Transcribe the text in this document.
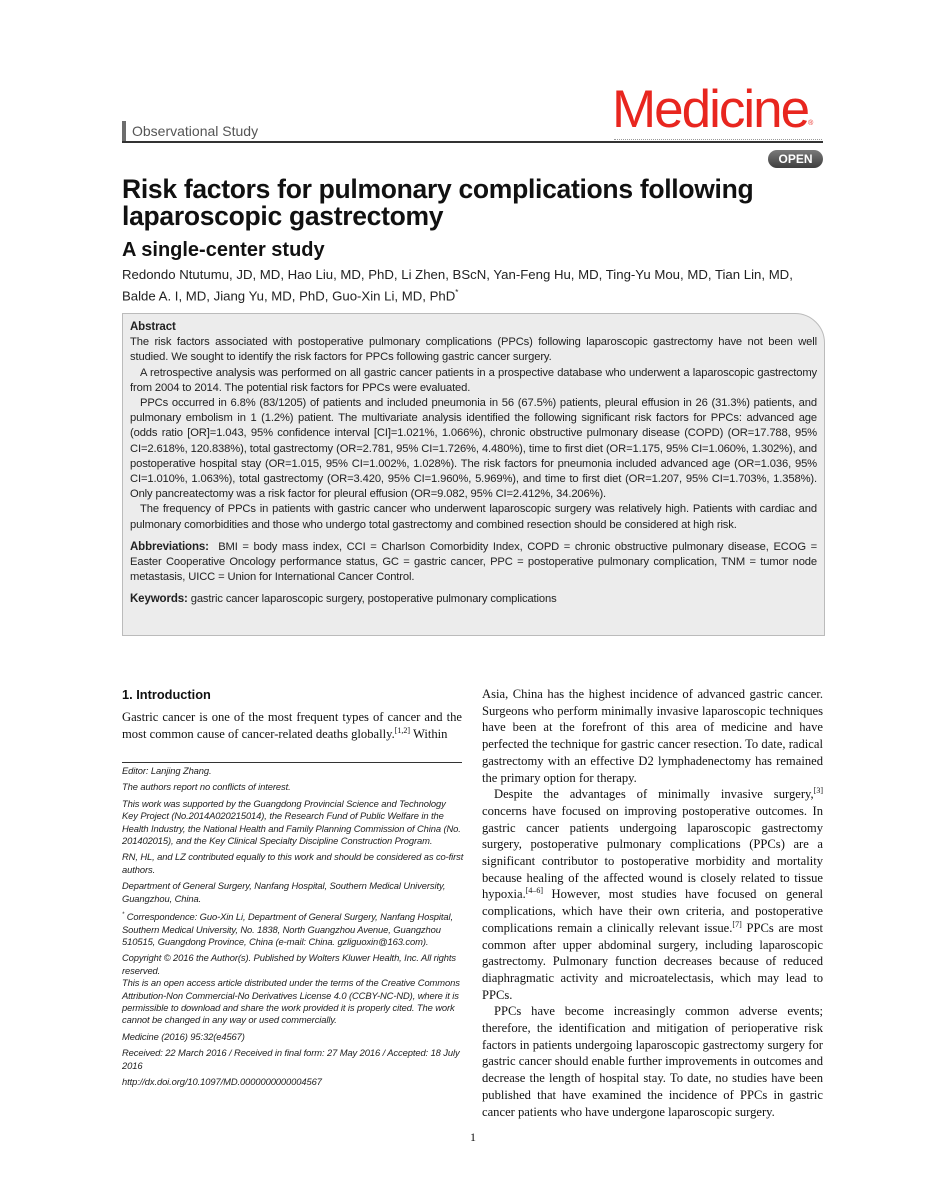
Observational Study	Medicine®
OPEN
Risk factors for pulmonary complications following laparoscopic gastrectomy
A single-center study
Redondo Ntutumu, JD, MD, Hao Liu, MD, PhD, Li Zhen, BScN, Yan-Feng Hu, MD, Ting-Yu Mou, MD, Tian Lin, MD, Balde A. I, MD, Jiang Yu, MD, PhD, Guo-Xin Li, MD, PhD*

Abstract

The risk factors associated with postoperative pulmonary complications (PPCs) following laparoscopic gastrectomy have not been well studied. We sought to identify the risk factors for PPCs following gastric cancer surgery.

A retrospective analysis was performed on all gastric cancer patients in a prospective database who underwent a laparoscopic gastrectomy from 2004 to 2014. The potential risk factors for PPCs were evaluated.

PPCs occurred in 6.8% (83/1205) of patients and included pneumonia in 56 (67.5%) patients, pleural effusion in 26 (31.3%) patients, and pulmonary embolism in 1 (1.2%) patient. The multivariate analysis identified the following significant risk factors for PPCs: advanced age (odds ratio [OR]=1.043, 95% confidence interval [CI]=1.021%, 1.066%), chronic obstructive pulmonary disease (COPD) (OR=17.788, 95% CI=2.618%, 120.838%), total gastrectomy (OR=2.781, 95% CI=1.726%, 4.480%), time to first diet (OR=1.175, 95% CI=1.060%, 1.302%), and postoperative hospital stay (OR=1.015, 95% CI=1.002%, 1.028%). The risk factors for pneumonia included advanced age (OR=1.036, 95% CI=1.010%, 1.063%), total gastrectomy (OR=3.420, 95% CI=1.960%, 5.969%), and time to first diet (OR=1.207, 95% CI=1.703%, 1.358%). Only pancreatectomy was a risk factor for pleural effusion (OR=9.082, 95% CI=2.412%, 34.206%).

The frequency of PPCs in patients with gastric cancer who underwent laparoscopic surgery was relatively high. Patients with cardiac and pulmonary comorbidities and those who undergo total gastrectomy and combined resection should be considered at high risk.

Abbreviations: BMI = body mass index, CCI = Charlson Comorbidity Index, COPD = chronic obstructive pulmonary disease, ECOG = Easter Cooperative Oncology performance status, GC = gastric cancer, PPC = postoperative pulmonary complication, TNM = tumor node metastasis, UICC = Union for International Cancer Control.

Keywords: gastric cancer laparoscopic surgery, postoperative pulmonary complications

1. Introduction

Gastric cancer is one of the most frequent types of cancer and the most common cause of cancer-related deaths globally.[1,2] Within

Editor: Lanjing Zhang.

The authors report no conflicts of interest.

This work was supported by the Guangdong Provincial Science and Technology Key Project (No.2014A020215014), the Research Fund of Public Welfare in the Health Industry, the National Health and Family Planning Commission of China (No. 201402015), and the Key Clinical Specialty Discipline Construction Program.

RN, HL, and LZ contributed equally to this work and should be considered as co-first authors.

Department of General Surgery, Nanfang Hospital, Southern Medical University, Guangzhou, China.

* Correspondence: Guo-Xin Li, Department of General Surgery, Nanfang Hospital, Southern Medical University, No. 1838, North Guangzhou Avenue, Guangzhou 510515, Guangdong Province, China (e-mail: China. gzliguoxin@163.com).

Copyright © 2016 the Author(s). Published by Wolters Kluwer Health, Inc. All rights reserved.

This is an open access article distributed under the terms of the Creative Commons Attribution-Non Commercial-No Derivatives License 4.0 (CCBY-NC-ND), where it is permissible to download and share the work provided it is properly cited. The work cannot be changed in any way or used commercially.

Medicine (2016) 95:32(e4567)

Received: 22 March 2016 / Received in final form: 27 May 2016 / Accepted: 18 July 2016

http://dx.doi.org/10.1097/MD.0000000000004567

Asia, China has the highest incidence of advanced gastric cancer. Surgeons who perform minimally invasive laparoscopic techniques have been at the forefront of this area of medicine and have perfected the technique for gastric cancer resection. To date, radical gastrectomy with an effective D2 lymphadenectomy has remained the primary option for therapy.

Despite the advantages of minimally invasive surgery,[3] concerns have focused on improving postoperative outcomes. In gastric cancer patients undergoing laparoscopic gastrectomy surgery, postoperative pulmonary complications (PPCs) are a significant contributor to postoperative morbidity and mortality because healing of the affected wound is closely related to tissue hypoxia.[4–6] However, most studies have focused on general complications, which have their own criteria, and postoperative complications remain a clinically relevant issue.[7] PPCs are most common after upper abdominal surgery, including laparoscopic gastrectomy. Pulmonary function decreases because of reduced diaphragmatic activity and microatelectasis, which may lead to PPCs.

PPCs have become increasingly common adverse events; therefore, the identification and mitigation of perioperative risk factors in patients undergoing laparoscopic gastrectomy surgery for gastric cancer should enable further improvements in outcomes and decrease the length of hospital stay. To date, no studies have been published that have examined the incidence of PPCs in gastric cancer patients who have undergone laparoscopic surgery.

1
